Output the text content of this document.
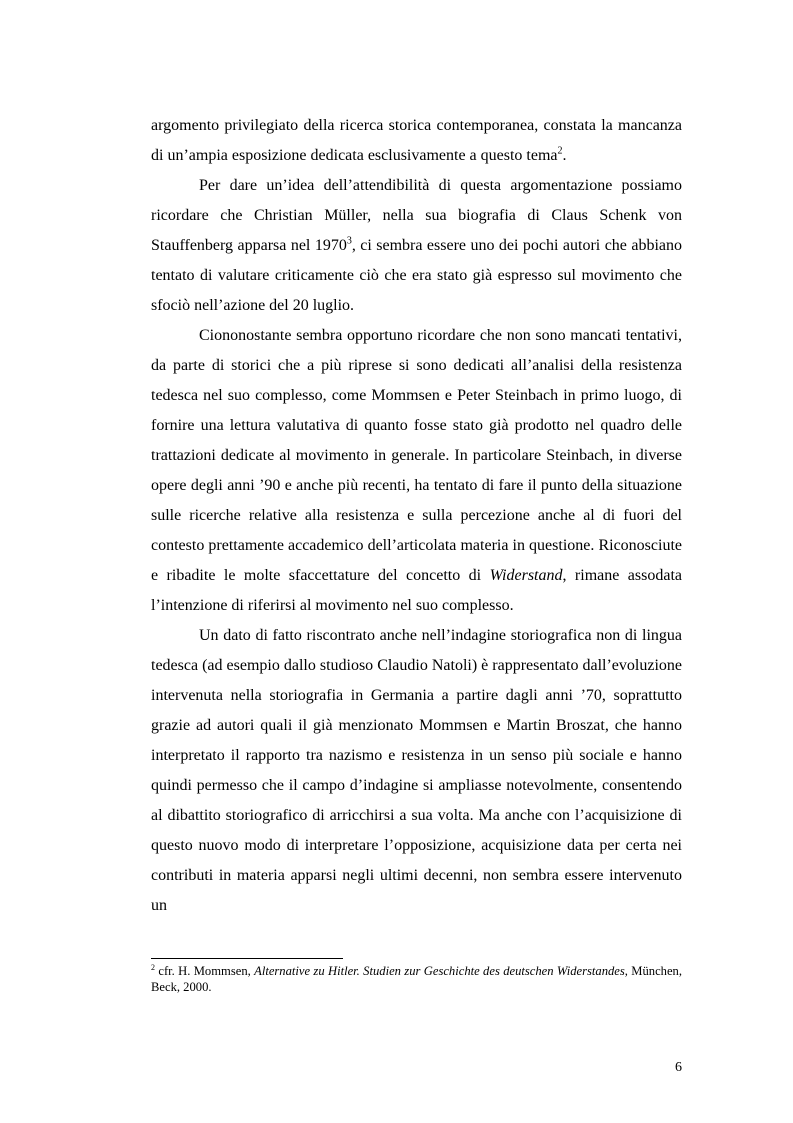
argomento privilegiato della ricerca storica contemporanea, constata la mancanza di un’ampia esposizione dedicata esclusivamente a questo tema$^2$.

Per dare un’idea dell’attendibilità di questa argomentazione possiamo ricordare che Christian Müller, nella sua biografia di Claus Schenk von Stauffenberg apparsa nel 1970$^3$, ci sembra essere uno dei pochi autori che abbiano tentato di valutare criticamente ciò che era stato già espresso sul movimento che sfociò nell’azione del 20 luglio.

Ciononostante sembra opportuno ricordare che non sono mancati tentativi, da parte di storici che a più riprese si sono dedicati all’analisi della resistenza tedesca nel suo complesso, come Mommsen e Peter Steinbach in primo luogo, di fornire una lettura valutativa di quanto fosse stato già prodotto nel quadro delle trattazioni dedicate al movimento in generale. In particolare Steinbach, in diverse opere degli anni ’90 e anche più recenti, ha tentato di fare il punto della situazione sulle ricerche relative alla resistenza e sulla percezione anche al di fuori del contesto prettamente accademico dell’articolata materia in questione. Riconosciute e ribadite le molte sfaccettature del concetto di Widerstand, rimane assodata l’intenzione di riferirsi al movimento nel suo complesso.

Un dato di fatto riscontrato anche nell’indagine storiografica non di lingua tedesca (ad esempio dallo studioso Claudio Natoli) è rappresentato dall’evoluzione intervenuta nella storiografia in Germania a partire dagli anni ’70, soprattutto grazie ad autori quali il già menzionato Mommsen e Martin Broszat, che hanno interpretato il rapporto tra nazismo e resistenza in un senso più sociale e hanno quindi permesso che il campo d’indagine si ampliasse notevolmente, consentendo al dibattito storiografico di arricchirsi a sua volta. Ma anche con l’acquisizione di questo nuovo modo di interpretare l’opposizione, acquisizione data per certa nei contributi in materia apparsi negli ultimi decenni, non sembra essere intervenuto un

$^2$ cfr. H. Mommsen, Alternative zu Hitler. Studien zur Geschichte des deutschen Widerstandes, München, Beck, 2000.

6
